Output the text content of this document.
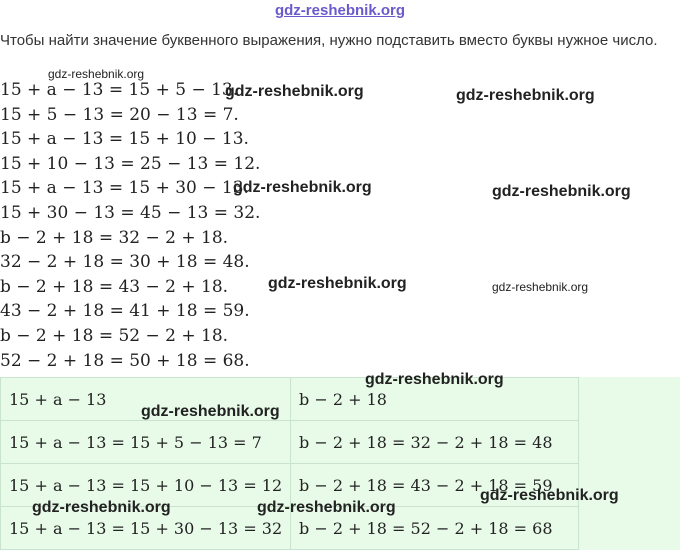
gdz-reshebnik.org
Чтобы найти значение буквенного выражения, нужно подставить вместо буквы нужное число.
15 + a − 13 = 15 + 5 − 13.
15 + 5 − 13 = 20 − 13 = 7.
15 + a − 13 = 15 + 10 − 13.
15 + 10 − 13 = 25 − 13 = 12.
15 + a − 13 = 15 + 30 − 13.
15 + 30 − 13 = 45 − 13 = 32.
b − 2 + 18 = 32 − 2 + 18.
32 − 2 + 18 = 30 + 18 = 48.
b − 2 + 18 = 43 − 2 + 18.
43 − 2 + 18 = 41 + 18 = 59.
b − 2 + 18 = 52 − 2 + 18.
52 − 2 + 18 = 50 + 18 = 68.
15 + a − 13	b − 2 + 18	
15 + a − 13 = 15 + 5 − 13 = 7	b − 2 + 18 = 32 − 2 + 18 = 48	
15 + a − 13 = 15 + 10 − 13 = 12	b − 2 + 18 = 43 − 2 + 18 = 59	
15 + a − 13 = 15 + 30 − 13 = 32	b − 2 + 18 = 52 − 2 + 18 = 68	
gdz-reshebnik.org
gdz-reshebnik.org	gdz-reshebnik.org
gdz-reshebnik.org	gdz-reshebnik.org
gdz-reshebnik.org	gdz-reshebnik.org
gdz-reshebnik.org
gdz-reshebnik.org
gdz-reshebnik.org
gdz-reshebnik.org	gdz-reshebnik.org
